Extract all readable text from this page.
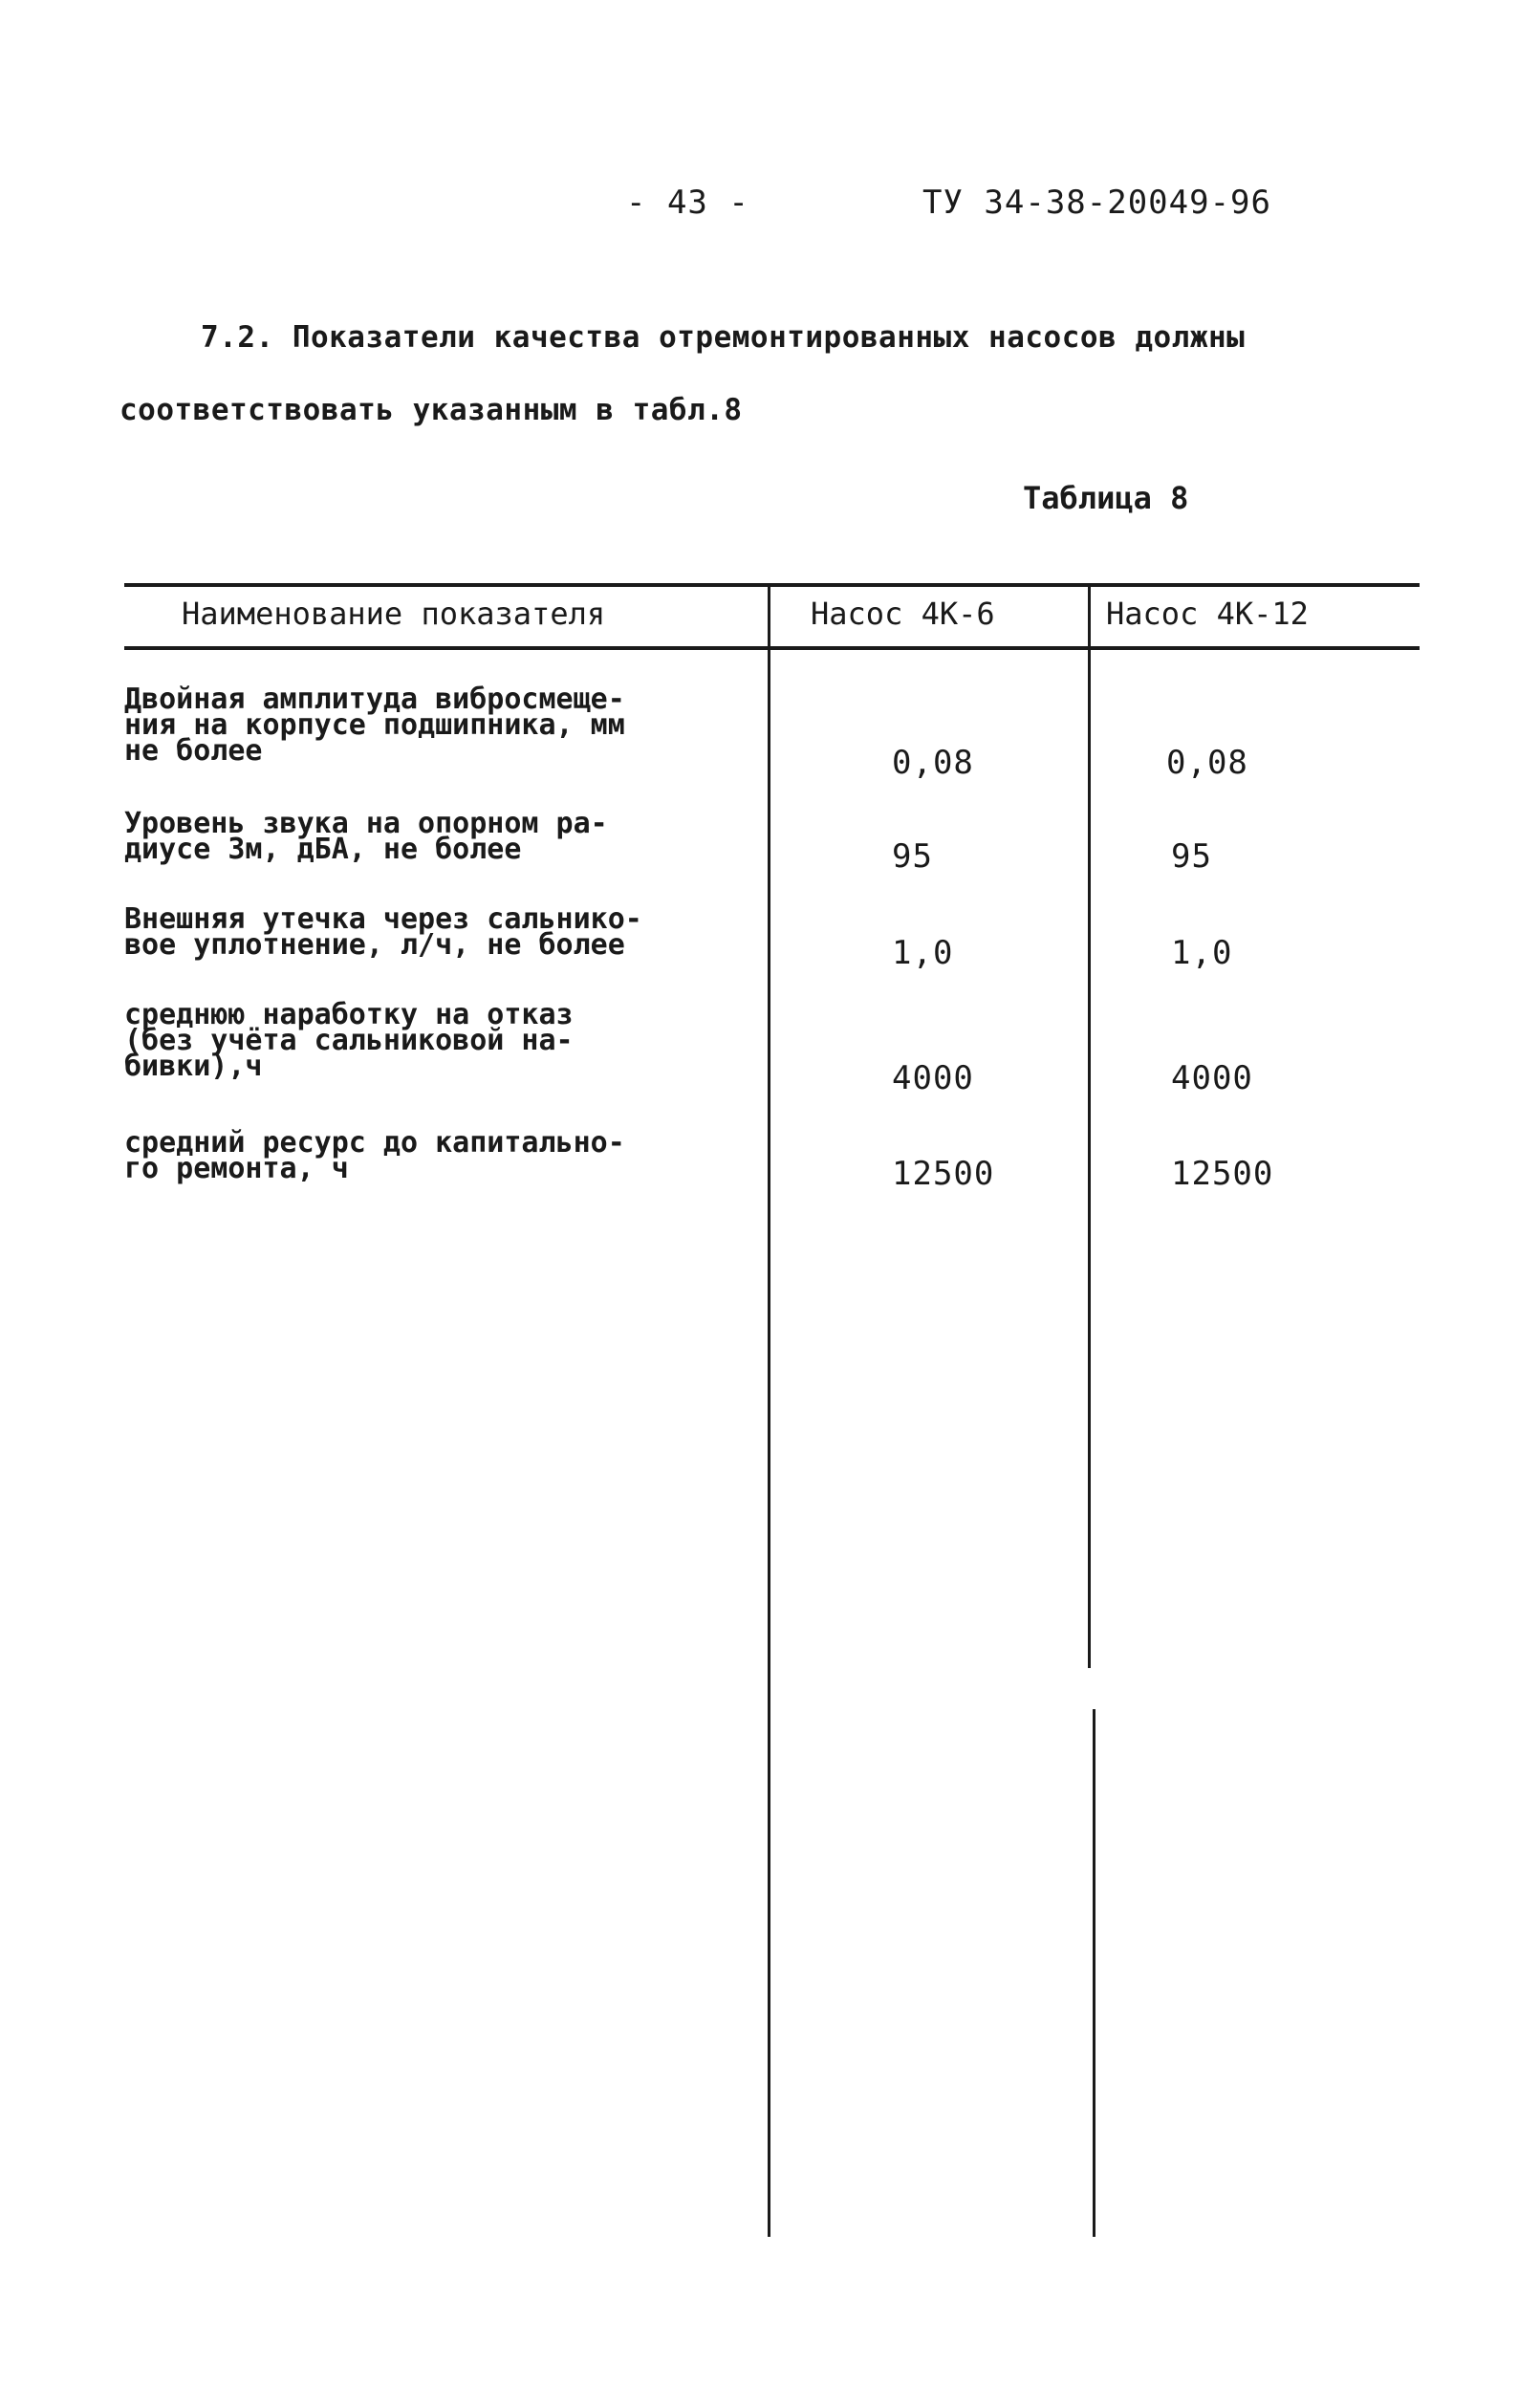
- 43 -	ТУ 34-38-20049-96
7.2. Показатели качества отремонтированных насосов должны
соответствовать указанным в табл.8
Таблица 8
Наименование показателя	Насос 4К-6	Насос 4К-12
Двойная амплитуда вибросмеще-
ния на корпусе подшипника, мм
не более	0,08	0,08
Уровень звука на опорном ра-
диусе 3м, дБА, не более	95	95
Внешняя утечка через сальнико-
вое уплотнение, л/ч, не более	1,0	1,0
среднюю наработку на отказ
(без учёта сальниковой на-
бивки),ч	4000	4000
средний ресурс до капитально-
го ремонта, ч	12500	12500
